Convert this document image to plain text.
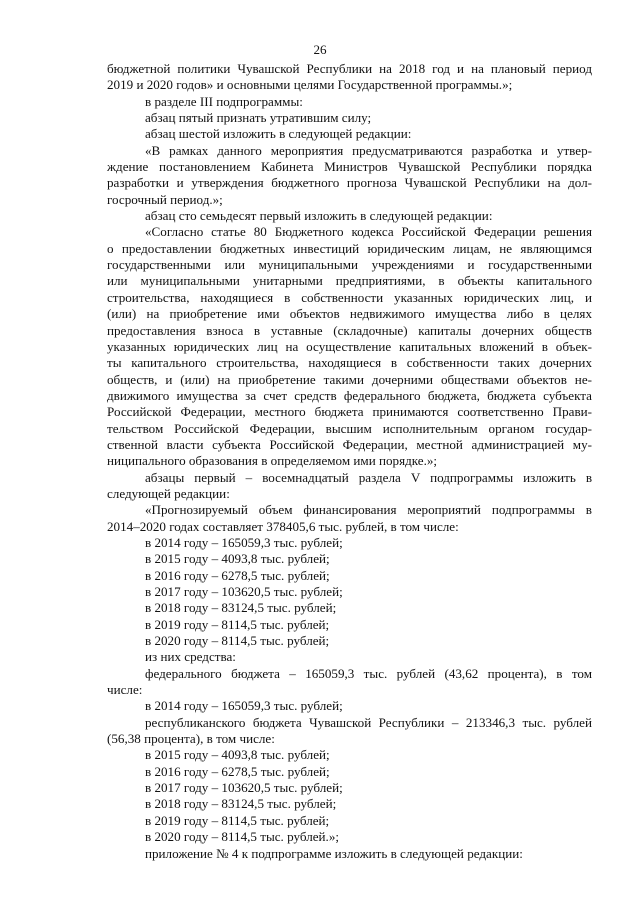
26
бюджетной политики Чувашской Республики на 2018 год и на плановый период
2019 и 2020 годов» и основными целями Государственной программы.»;
в разделе III подпрограммы:
абзац пятый признать утратившим силу;
абзац шестой изложить в следующей редакции:
«В рамках данного мероприятия предусматриваются разработка и утвер-
ждение постановлением Кабинета Министров Чувашской Республики порядка
разработки и утверждения бюджетного прогноза Чувашской Республики на дол-
госрочный период.»;
абзац сто семьдесят первый изложить в следующей редакции:
«Согласно статье 80 Бюджетного кодекса Российской Федерации решения
о предоставлении бюджетных инвестиций юридическим лицам, не являющимся
государственными или муниципальными учреждениями и государственными
или муниципальными унитарными предприятиями, в объекты капитального
строительства, находящиеся в собственности указанных юридических лиц, и
(или) на приобретение ими объектов недвижимого имущества либо в целях
предоставления взноса в уставные (складочные) капиталы дочерних обществ
указанных юридических лиц на осуществление капитальных вложений в объек-
ты капитального строительства, находящиеся в собственности таких дочерних
обществ, и (или) на приобретение такими дочерними обществами объектов не-
движимого имущества за счет средств федерального бюджета, бюджета субъекта
Российской Федерации, местного бюджета принимаются соответственно Прави-
тельством Российской Федерации, высшим исполнительным органом государ-
ственной власти субъекта Российской Федерации, местной администрацией му-
ниципального образования в определяемом ими порядке.»;
абзацы первый – восемнадцатый раздела V подпрограммы изложить в
следующей редакции:
«Прогнозируемый объем финансирования мероприятий подпрограммы в
2014–2020 годах составляет 378405,6 тыс. рублей, в том числе:
в 2014 году – 165059,3 тыс. рублей;
в 2015 году – 4093,8 тыс. рублей;
в 2016 году – 6278,5 тыс. рублей;
в 2017 году – 103620,5 тыс. рублей;
в 2018 году – 83124,5 тыс. рублей;
в 2019 году – 8114,5 тыс. рублей;
в 2020 году – 8114,5 тыс. рублей;
из них средства:
федерального бюджета – 165059,3 тыс. рублей (43,62 процента), в том
числе:
в 2014 году – 165059,3 тыс. рублей;
республиканского бюджета Чувашской Республики – 213346,3 тыс. рублей
(56,38 процента), в том числе:
в 2015 году – 4093,8 тыс. рублей;
в 2016 году – 6278,5 тыс. рублей;
в 2017 году – 103620,5 тыс. рублей;
в 2018 году – 83124,5 тыс. рублей;
в 2019 году – 8114,5 тыс. рублей;
в 2020 году – 8114,5 тыс. рублей.»;
приложение № 4 к подпрограмме изложить в следующей редакции:
